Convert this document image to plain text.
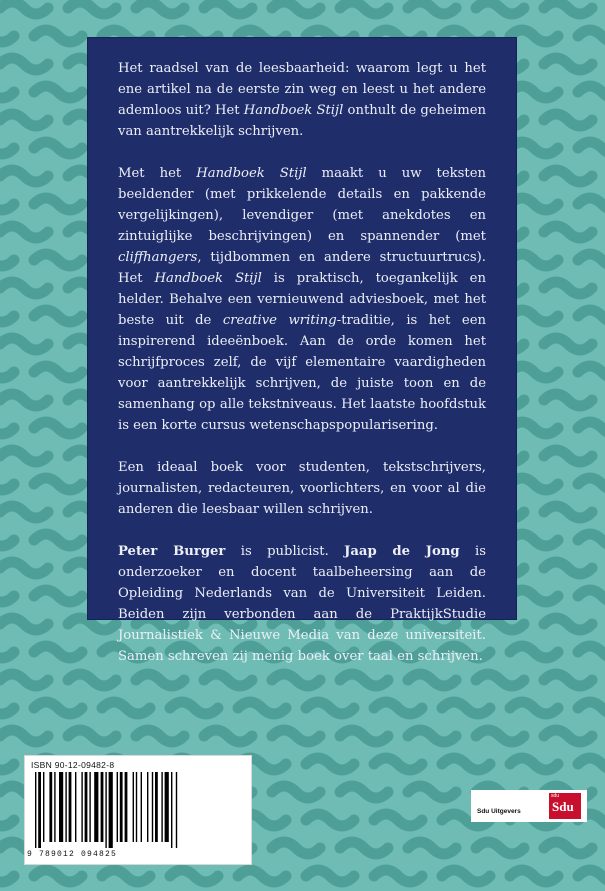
Het raadsel van de leesbaarheid: waarom legt u het ene artikel na de eerste zin weg en leest u het andere ademloos uit? Het Handboek Stijl onthult de geheimen van aantrekkelijk schrijven.

Met het Handboek Stijl maakt u uw teksten beeldender (met prikkelende details en pakkende vergelijkingen), levendiger (met anekdotes en zintuiglijke beschrijvingen) en spannender (met cliffhangers, tijdbommen en andere structuurtrucs). Het Handboek Stijl is praktisch, toegankelijk en helder. Behalve een vernieuwend adviesboek, met het beste uit de creative writing-traditie, is het een inspirerend ideeënboek. Aan de orde komen het schrijfproces zelf, de vijf elementaire vaardigheden voor aantrekkelijk schrijven, de juiste toon en de samenhang op alle tekstniveaus. Het laatste hoofdstuk is een korte cursus wetenschapspopularisering.

Een ideaal boek voor studenten, tekstschrijvers, journalisten, redacteuren, voorlichters, en voor al die anderen die leesbaar willen schrijven.

Peter Burger is publicist. Jaap de Jong is onderzoeker en docent taalbeheersing aan de Opleiding Nederlands van de Universiteit Leiden. Beiden zijn verbonden aan de PraktijkStudie Journalistiek & Nieuwe Media van deze universiteit. Samen schreven zij menig boek over taal en schrijven.

ISBN 90-12-09482-8
9 789012 094825
Sdu Uitgevers
sdu
Sdu
